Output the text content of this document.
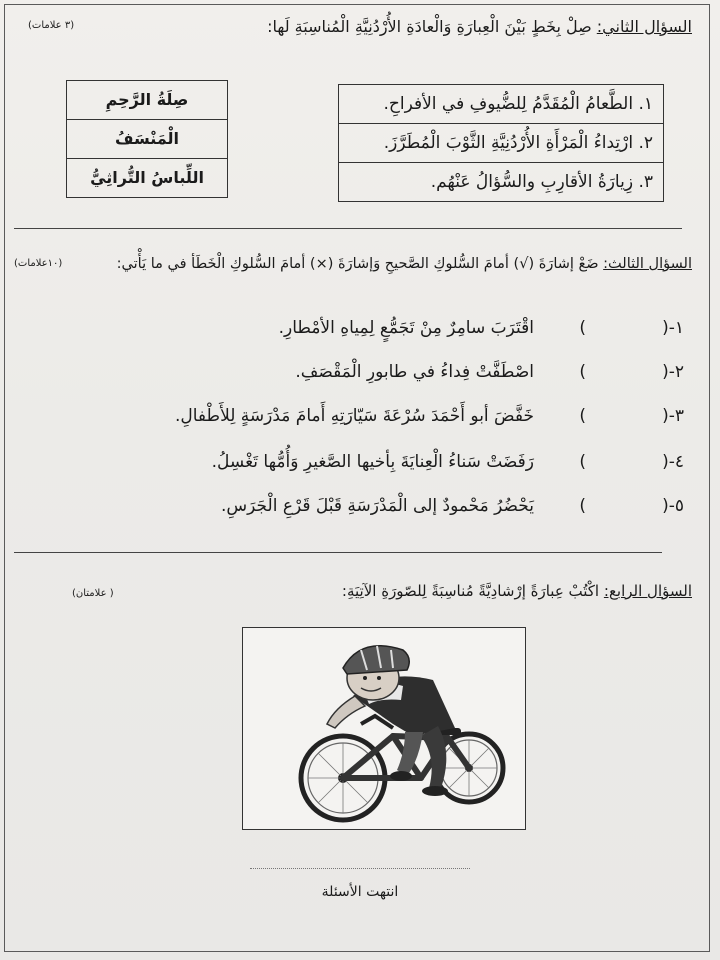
السؤال الثاني: صِلْ بِخَطٍ بَيْنَ الْعِبارَةِ وَالْعادَةِ الأُرْدُنِيَّةِ الْمُناسِبَةِ لَها:
(٣ علامات)
١. الطَّعامُ الْمُقَدَّمُ لِلضُّيوفِ في الأفراحِ.
٢. ارْتِداءُ الْمَرْأَةِ الأُرْدُنِيَّةِ الثَّوْبَ الْمُطَرَّزَ.
٣. زِيارَةُ الأقارِبِ والسُّؤالُ عَنْهُم.
صِلَةُ الرَّحِمِ
الْمَنْسَفُ
اللِّباسُ التُّراثِيُّ
السؤال الثالث: ضَعْ إشارَةَ (√) أمامَ السُّلوكِ الصَّحيحِ وَإشارَةَ (×) أمامَ السُّلوكِ الْخَطَأ في ما يَأْتي:
(١٠علامات)
١-(
)
اقْتَرَبَ سامِرٌ مِنْ تَجَمُّعٍ لِمِياهِ الأمْطارِ.
٢-(
)
اصْطَفَّتْ فِداءُ في طابورِ الْمَقْصَفِ.
٣-(
)
خَفَّضَ أبو أَحْمَدَ سُرْعَةَ سَيّارَتِهِ أَمامَ مَدْرَسَةٍ لِلأَطْفالِ.
٤-(
)
رَفَضَتْ سَناءُ الْعِنايَةَ بِأخيها الصَّغيرِ وَأُمُّها تَغْسِلُ.
٥-(
)
يَحْضُرُ مَحْمودٌ إلى الْمَدْرَسَةِ قَبْلَ قَرْعِ الْجَرَسِ.
السؤال الرابع: اكْتُبْ عِبارَةً إرْشادِيَّةً مُناسِبَةً لِلصّورَةِ الآتِيَةِ:
( علامتان)
انتهت الأسئلة
